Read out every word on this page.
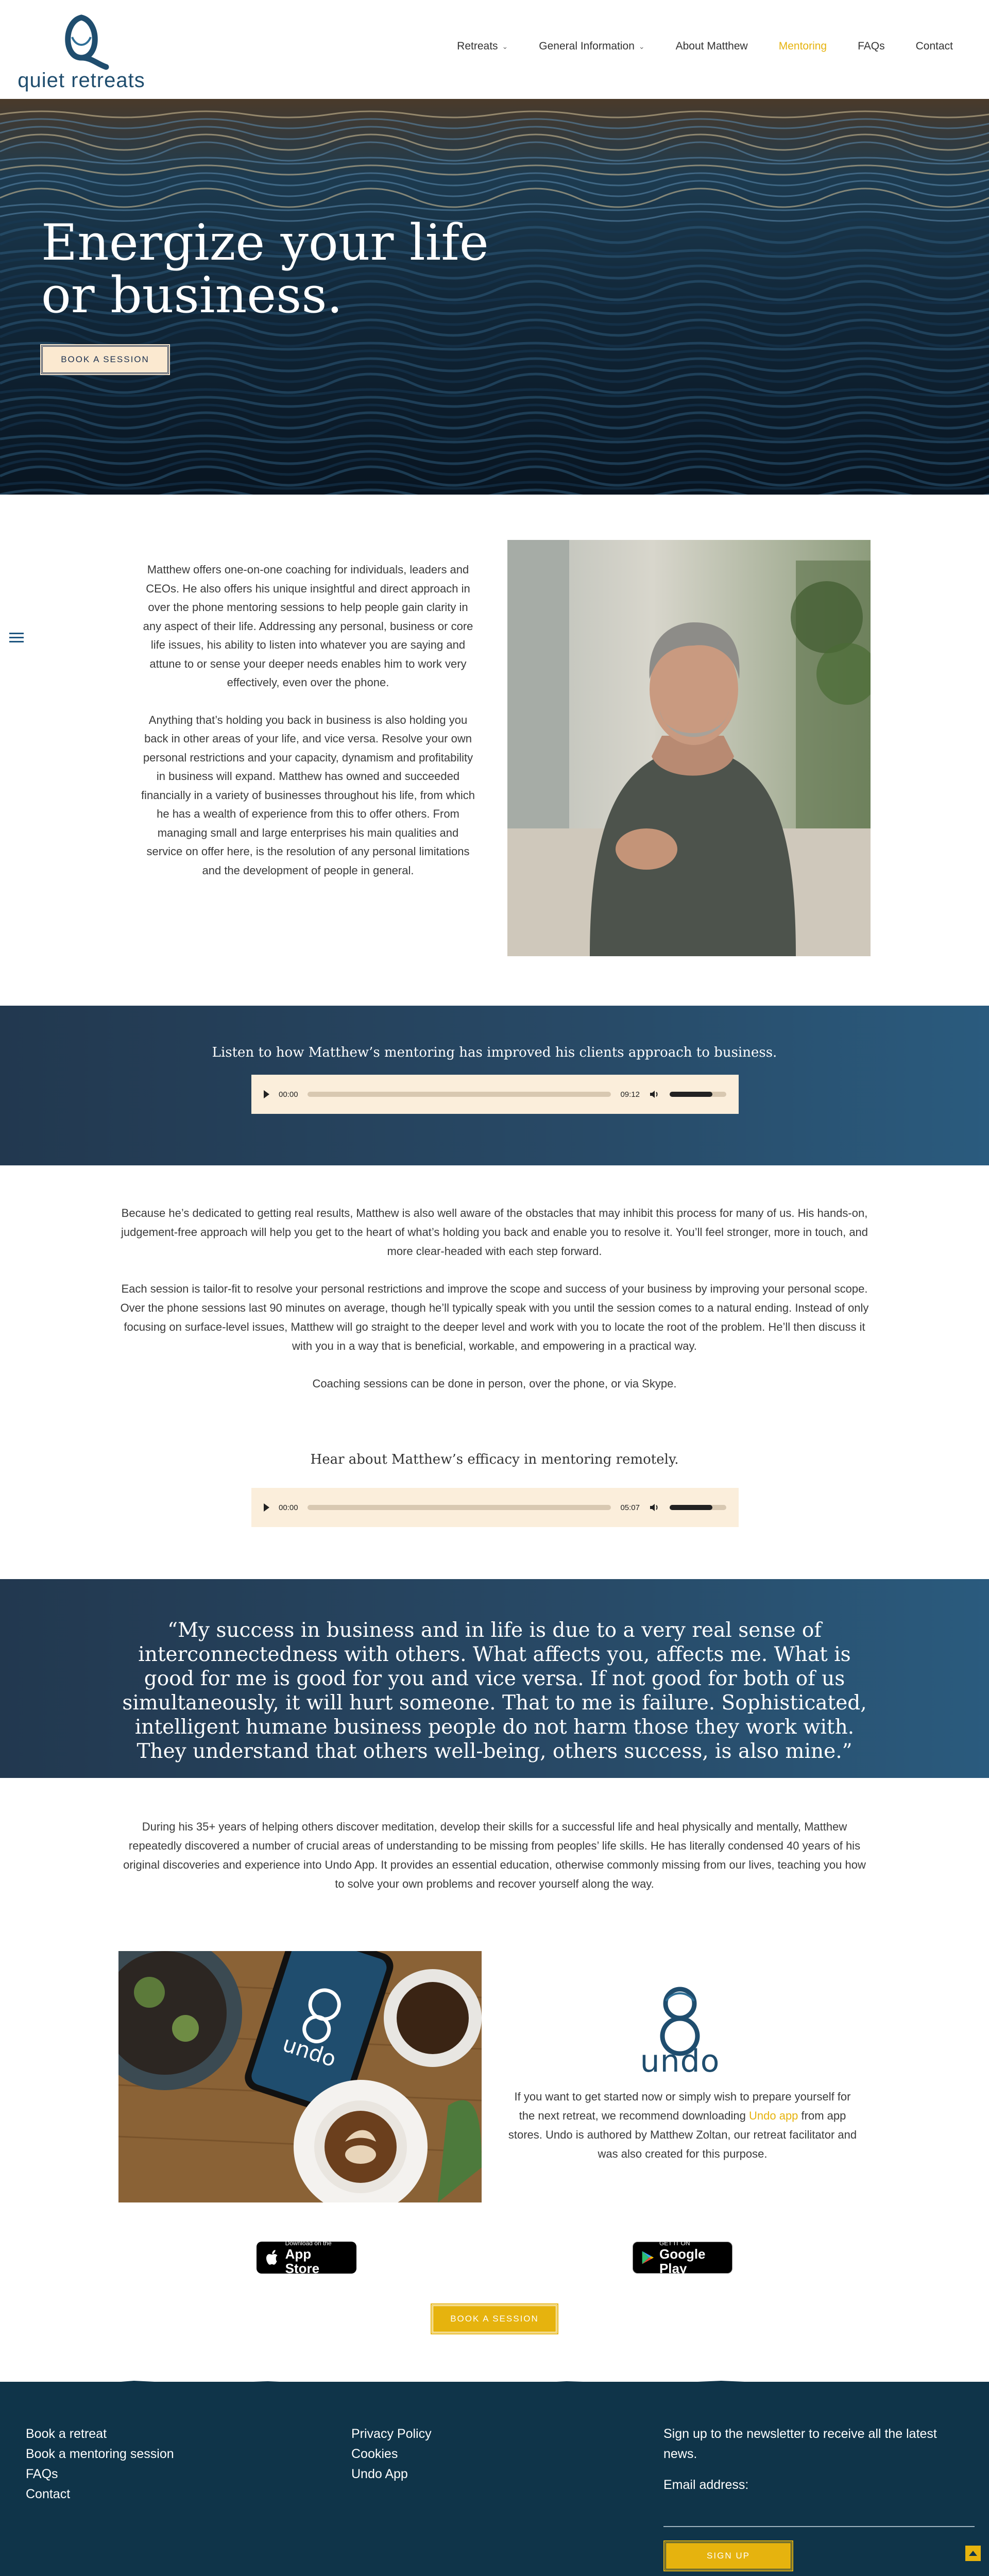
quiet retreats
Retreats ⌄	General Information ⌄	About Matthew	Mentoring	FAQs	Contact
Energize your life
or business.
BOOK A SESSION

Matthew offers one-on-one coaching for individuals, leaders and CEOs. He also offers his unique insightful and direct approach in over the phone mentoring sessions to help people gain clarity in any aspect of their life. Addressing any personal, business or core life issues, his ability to listen into whatever you are saying and attune to or sense your deeper needs enables him to work very effectively, even over the phone.

Anything that’s holding you back in business is also holding you back in other areas of your life, and vice versa. Resolve your own personal restrictions and your capacity, dynamism and profitability in business will expand. Matthew has owned and succeeded financially in a variety of businesses throughout his life, from which he has a wealth of experience from this to offer others. From managing small and large enterprises his main qualities and service on offer here, is the resolution of any personal limitations and the development of people in general.

Listen to how Matthew’s mentoring has improved his clients approach to business.
00:00	09:12

Because he’s dedicated to getting real results, Matthew is also well aware of the obstacles that may inhibit this process for many of us. His hands-on, judgement-free approach will help you get to the heart of what’s holding you back and enable you to resolve it. You’ll feel stronger, more in touch, and more clear-headed with each step forward.

Each session is tailor-fit to resolve your personal restrictions and improve the scope and success of your business by improving your personal scope. Over the phone sessions last 90 minutes on average, though he’ll typically speak with you until the session comes to a natural ending. Instead of only focusing on surface-level issues, Matthew will go straight to the deeper level and work with you to locate the root of the problem. He’ll then discuss it with you in a way that is beneficial, workable, and empowering in a practical way.

Coaching sessions can be done in person, over the phone, or via Skype.

Hear about Matthew’s efficacy in mentoring remotely.
00:00	05:07
“My success in business and in life is due to a very real sense of interconnectedness with others. What affects you, affects me. What is good for me is good for you and vice versa. If not good for both of us simultaneously, it will hurt someone. That to me is failure. Sophisticated, intelligent humane business people do not harm those they work with. They understand that others well-being, others success, is also mine.”
During his 35+ years of helping others discover meditation, develop their skills for a successful life and heal physically and mentally, Matthew repeatedly discovered a number of crucial areas of understanding to be missing from peoples’ life skills. He has literally condensed 40 years of his original discoveries and experience into Undo App. It provides an essential education, otherwise commonly missing from our lives, teaching you how to solve your own problems and recover yourself along the way.
undo	undo
If you want to get started now or simply wish to prepare yourself for the next retreat, we recommend downloading Undo app from app stores. Undo is authored by Matthew Zoltan, our retreat facilitator and was also created for this purpose.
Download on the
App Store
GET IT ON
Google Play
BOOK A SESSION
Book a retreat
Book a mentoring session
FAQs
Contact
Privacy Policy
Cookies
Undo App
Sign up to the newsletter to receive all the latest news.
Email address:
SIGN UP
